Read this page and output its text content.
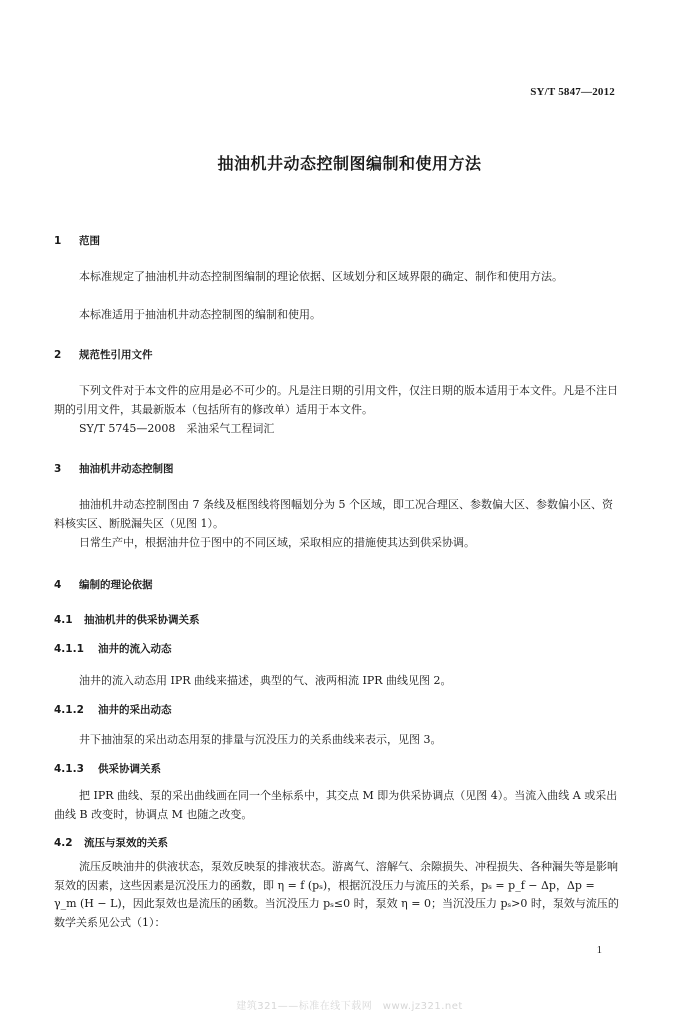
SY/T 5847—2012
抽油机井动态控制图编制和使用方法
1 范围
本标准规定了抽油机井动态控制图编制的理论依据、区域划分和区域界限的确定、制作和使用方法。
本标准适用于抽油机井动态控制图的编制和使用。
2 规范性引用文件
下列文件对于本文件的应用是必不可少的。凡是注日期的引用文件，仅注日期的版本适用于本文件。凡是不注日期的引用文件，其最新版本（包括所有的修改单）适用于本文件。
SY/T 5745—2008　采油采气工程词汇
3 抽油机井动态控制图
抽油机井动态控制图由 7 条线及框图线将图幅划分为 5 个区域，即工况合理区、参数偏大区、参数偏小区、资料核实区、断脱漏失区（见图 1）。
日常生产中，根据油井位于图中的不同区域，采取相应的措施使其达到供采协调。
4 编制的理论依据
4.1 抽油机井的供采协调关系
4.1.1 油井的流入动态
油井的流入动态用 IPR 曲线来描述，典型的气、液两相流 IPR 曲线见图 2。
4.1.2 油井的采出动态
井下抽油泵的采出动态用泵的排量与沉没压力的关系曲线来表示，见图 3。
4.1.3 供采协调关系
把 IPR 曲线、泵的采出曲线画在同一个坐标系中，其交点 M 即为供采协调点（见图 4）。当流入曲线 A 或采出曲线 B 改变时，协调点 M 也随之改变。
4.2 流压与泵效的关系
流压反映油井的供液状态，泵效反映泵的排液状态。游离气、溶解气、余隙损失、冲程损失、各种漏失等是影响泵效的因素，这些因素是沉没压力的函数，即 η = f (pₛ)，根据沉没压力与流压的关系，pₛ = p_f − Δp，Δp = γ_m (H − L)，因此泵效也是流压的函数。当沉没压力 pₛ≤0 时，泵效 η = 0；当沉没压力 pₛ>0 时，泵效与流压的数学关系见公式（1）：
1
建筑321——标准在线下载网　www.jz321.net
